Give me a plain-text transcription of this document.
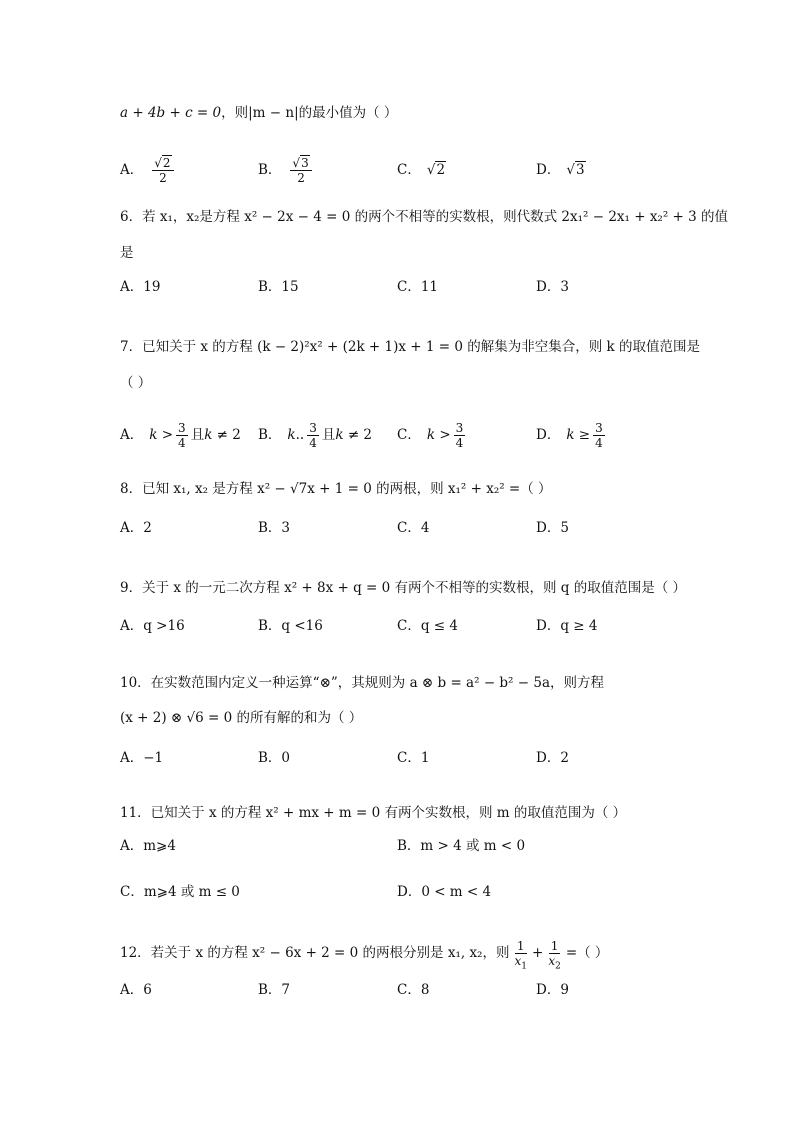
a + 4b + c = 0 ，则|m − n|的最小值为（ ）
A． $\frac{√2}{2}$	B． $\frac{√3}{2}$	C． √2	D． √3
6．若 x₁，x₂是方程 x² − 2x − 4 = 0 的两个不相等的实数根，则代数式 2x₁² − 2x₁ + x₂² + 3 的值
是
A．19	B．15	C．11	D．3
7．已知关于 x 的方程 (k − 2)²x² + (2k + 1)x + 1 = 0 的解集为非空集合，则 k 的取值范围是
（ ）
A． $k > \frac{3}{4}$ 且 k ≠ 2 B． k .. $\frac{3}{4}$ 且 k ≠ 2 C． $k > \frac{3}{4}$	D． $k \ge \frac{3}{4}$
8．已知 x₁, x₂ 是方程 x² − √7x + 1 = 0 的两根，则 x₁² + x₂² =（ ）
A．2	B．3	C．4	D．5
9．关于 x 的一元二次方程 x² + 8x + q = 0 有两个不相等的实数根，则 q 的取值范围是（ ）
A．q >16	B．q <16	C．q ≤ 4	D．q ≥ 4
10．在实数范围内定义一种运算“⊗”，其规则为 a ⊗ b = a² − b² − 5a，则方程
(x + 2) ⊗ √6 = 0 的所有解的和为（ ）
A．−1	B．0	C．1	D．2
11．已知关于 x 的方程 x² + mx + m = 0 有两个实数根，则 m 的取值范围为（ ）
A．m⩾4	B．m > 4 或 m < 0
C．m⩾4 或 m ≤ 0	D．0 < m < 4
12．若关于 x 的方程 x² − 6x + 2 = 0 的两根分别是 x₁, x₂，则 $\frac{1}{x_1} + \frac{1}{x_2}$ =（ ）
A．6	B．7	C．8	D．9
